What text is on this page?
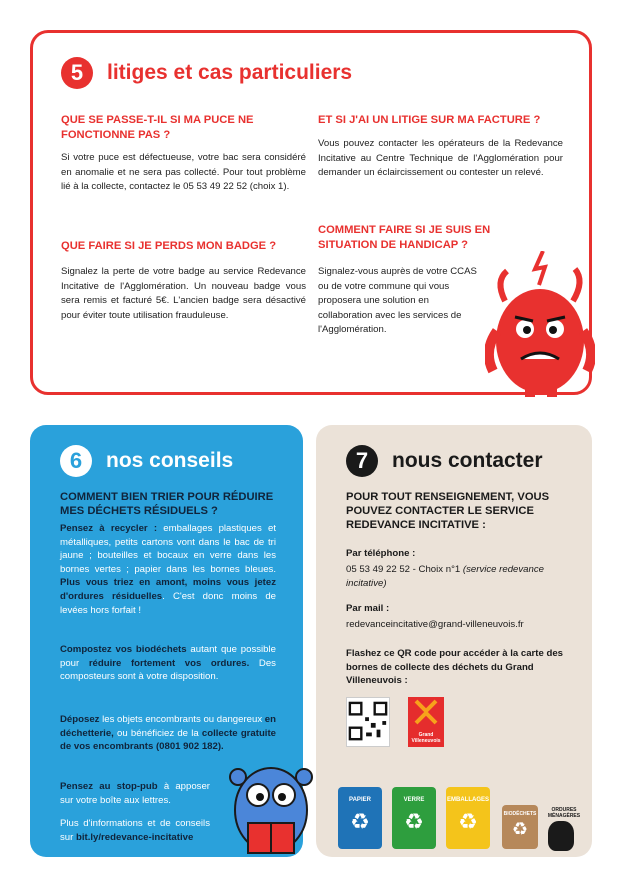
5	litiges et cas particuliers
QUE SE PASSE-T-IL SI MA PUCE NE FONCTIONNE PAS ?
Si votre puce est défectueuse, votre bac sera considéré en anomalie et ne sera pas collecté. Pour tout problème lié à la collecte, contactez le 05 53 49 22 52 (choix 1).
QUE FAIRE SI JE PERDS MON BADGE ?
Signalez la perte de votre badge au service Redevance Incitative de l'Agglomération. Un nouveau badge vous sera remis et facturé 5€. L'ancien badge sera désactivé pour éviter toute utilisation frauduleuse.
ET SI J'AI UN LITIGE SUR MA FACTURE ?
Vous pouvez contacter les opérateurs de la Redevance Incitative au Centre Technique de l'Agglomération pour demander un éclaircissement ou contester un relevé.
COMMENT FAIRE SI JE SUIS EN SITUATION DE HANDICAP ?
Signalez-vous auprès de votre CCAS ou de votre commune qui vous proposera une solution en collaboration avec les services de l'Agglomération.
6	nos conseils
COMMENT BIEN TRIER POUR RÉDUIRE MES DÉCHETS RÉSIDUELS ?
Pensez à recycler : emballages plastiques et métalliques, petits cartons vont dans le bac de tri jaune ; bouteilles et bocaux en verre dans les bornes vertes ; papier dans les bornes bleues. Plus vous triez en amont, moins vous jetez d'ordures résiduelles. C'est donc moins de levées hors forfait !
Compostez vos biodéchets autant que possible pour réduire fortement vos ordures. Des composteurs sont à votre disposition.
Déposez les objets encombrants ou dangereux en déchetterie, ou bénéficiez de la collecte gratuite de vos encombrants (0801 902 182).
Pensez au stop-pub à apposer sur votre boîte aux lettres.
Plus d'informations et de conseils sur bit.ly/redevance-incitative
7	nous contacter
POUR TOUT RENSEIGNEMENT, VOUS POUVEZ CONTACTER LE SERVICE REDEVANCE INCITATIVE :
Par téléphone :
05 53 49 22 52 - Choix n°1 (service redevance incitative)
Par mail :
redevanceincitative@grand-villeneuvois.fr
Flashez ce QR code pour accéder à la carte des bornes de collecte des déchets du Grand Villeneuvois :
Grand
Villeneuvois
PAPIER
♻
VERRE
♻
EMBALLAGES
♻	BIODÉCHETS
♻
ORDURES MÉNAGÈRES
